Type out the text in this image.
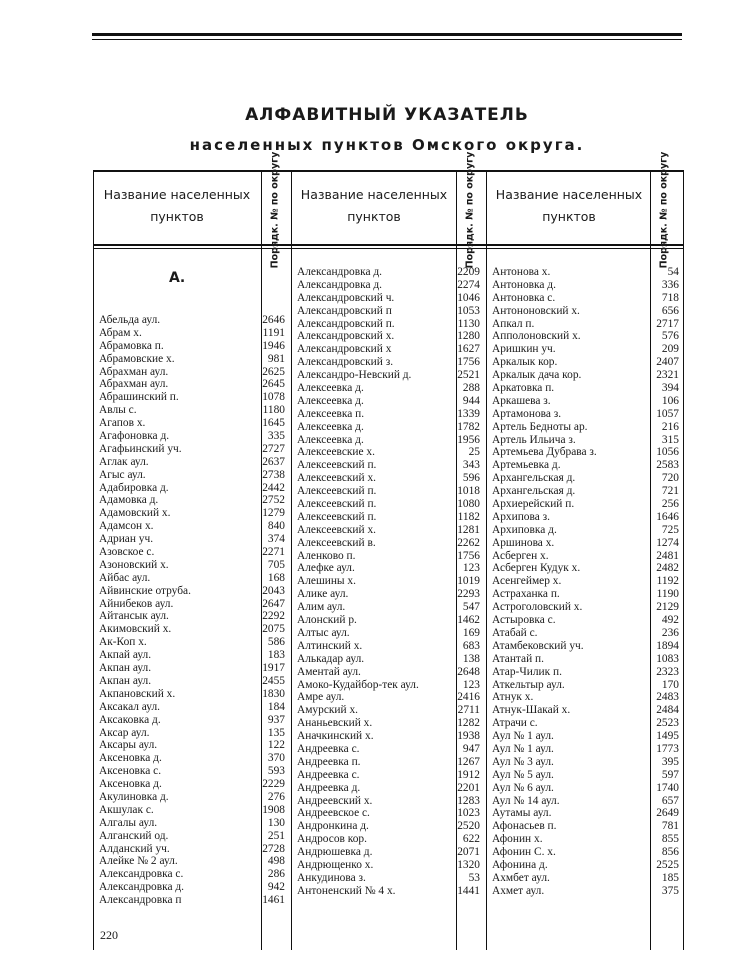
АЛФАВИТНЫЙ УКАЗАТЕЛЬ
населенных пунктов Омского округа.
Название населенных пунктов	Порядк. № по округу	Название населенных пунктов	Порядк. № по округу	Название населенных пунктов	Порядк. № по округу
А.
Абельда аул.	2646
Абрам х.	1191
Абрамовка п.	1946
Абрамовские х.	981
Абрахман аул.	2625
Абрахман аул.	2645
Абрашинский п.	1078
Авлы с.	1180
Агапов х.	1645
Агафоновка д.	335
Агафьинский уч.	2727
Аглак аул.	2637
Агыс аул.	2738
Адабировка д.	2442
Адамовка д.	2752
Адамовский х.	1279
Адамсон х.	840
Адриан уч.	374
Азовское с.	2271
Азоновский х.	705
Айбас аул.	168
Айвинские отруба.	2043
Айнибеков аул.	2647
Айтансык аул.	2292
Акимовский х.	2075
Ак-Коп х.	586
Акпай аул.	183
Акпан аул.	1917
Акпан аул.	2455
Акпановский х.	1830
Аксакал аул.	184
Аксаковка д.	937
Аксар аул.	135
Аксары аул.	122
Аксеновка д.	370
Аксеновка с.	593
Аксеновка д.	2229
Акулиновка д.	276
Акшулак с.	1908
Алгалы аул.	130
Алганский од.	251
Алданский уч.	2728
Алейке № 2 аул.	498
Александровка с.	286
Александровка д.	942
Александровка п	1461
Александровка д.	2209
Александровка д.	2274
Александровский ч.	1046
Александровский п	1053
Александровский п.	1130
Александровский х.	1280
Александровский х	1627
Александровский з.	1756
Александро-Невский д.	2521
Алексеевка д.	288
Алексеевка д.	944
Алексеевка п.	1339
Алексеевка д.	1782
Алексеевка д.	1956
Алексеевские х.	25
Алексеевский п.	343
Алексеевский х.	596
Алексеевский п.	1018
Алексеевский п.	1080
Алексеевский п.	1182
Алексеевский х.	1281
Алексеевский в.	2262
Аленково п.	1756
Алефке аул.	123
Алешины х.	1019
Алике аул.	2293
Алим аул.	547
Алонский р.	1462
Алтыс аул.	169
Алтинский х.	683
Алькадар аул.	138
Аментай аул.	2648
Амоко-Кудайбор-тек аул.	123
Амре аул.	2416
Амурский х.	2711
Ананьевский х.	1282
Аначкинский х.	1938
Андреевка с.	947
Андреевка п.	1267
Андреевка с.	1912
Андреевка д.	2201
Андреевский х.	1283
Андреевское с.	1023
Андронкина д.	2520
Андросов кор.	622
Андрюшевка д.	2071
Андрющенко х.	1320
Анкудинова з.	53
Антоненский № 4 х.	1441
Антонова х.	54
Антоновка д.	336
Антоновка с.	718
Антононовский х.	656
Апкал п.	2717
Апполоновский х.	576
Аришкин уч.	209
Аркалык кор.	2407
Аркалык дача кор.	2321
Аркатовка п.	394
Аркашева з.	106
Артамонова з.	1057
Артель Бедноты ар.	216
Артель Ильича з.	315
Артемьева Дубрава з.	1056
Артемьевка д.	2583
Архангельская д.	720
Архангельская д.	721
Архиерейский п.	256
Архипова з.	1646
Архиповка д.	725
Аршинова х.	1274
Асберген х.	2481
Асберген Кудук х.	2482
Асенгеймер х.	1192
Астраханка п.	1190
Астроголовский х.	2129
Астыровка с.	492
Атабай с.	236
Атамбековский уч.	1894
Атантай п.	1083
Атар-Чилик п.	2323
Аткельтыр аул.	170
Атнук х.	2483
Атнук-Шакай х.	2484
Атрачи с.	2523
Аул № 1 аул.	1495
Аул № 1 аул.	1773
Аул № 3 аул.	395
Аул № 5 аул.	597
Аул № 6 аул.	1740
Аул № 14 аул.	657
Аутамы аул.	2649
Афонасьев п.	781
Афонин х.	855
Афонин С. х.	856
Афонина д.	2525
Ахмбет аул.	185
Ахмет аул.	375
220
